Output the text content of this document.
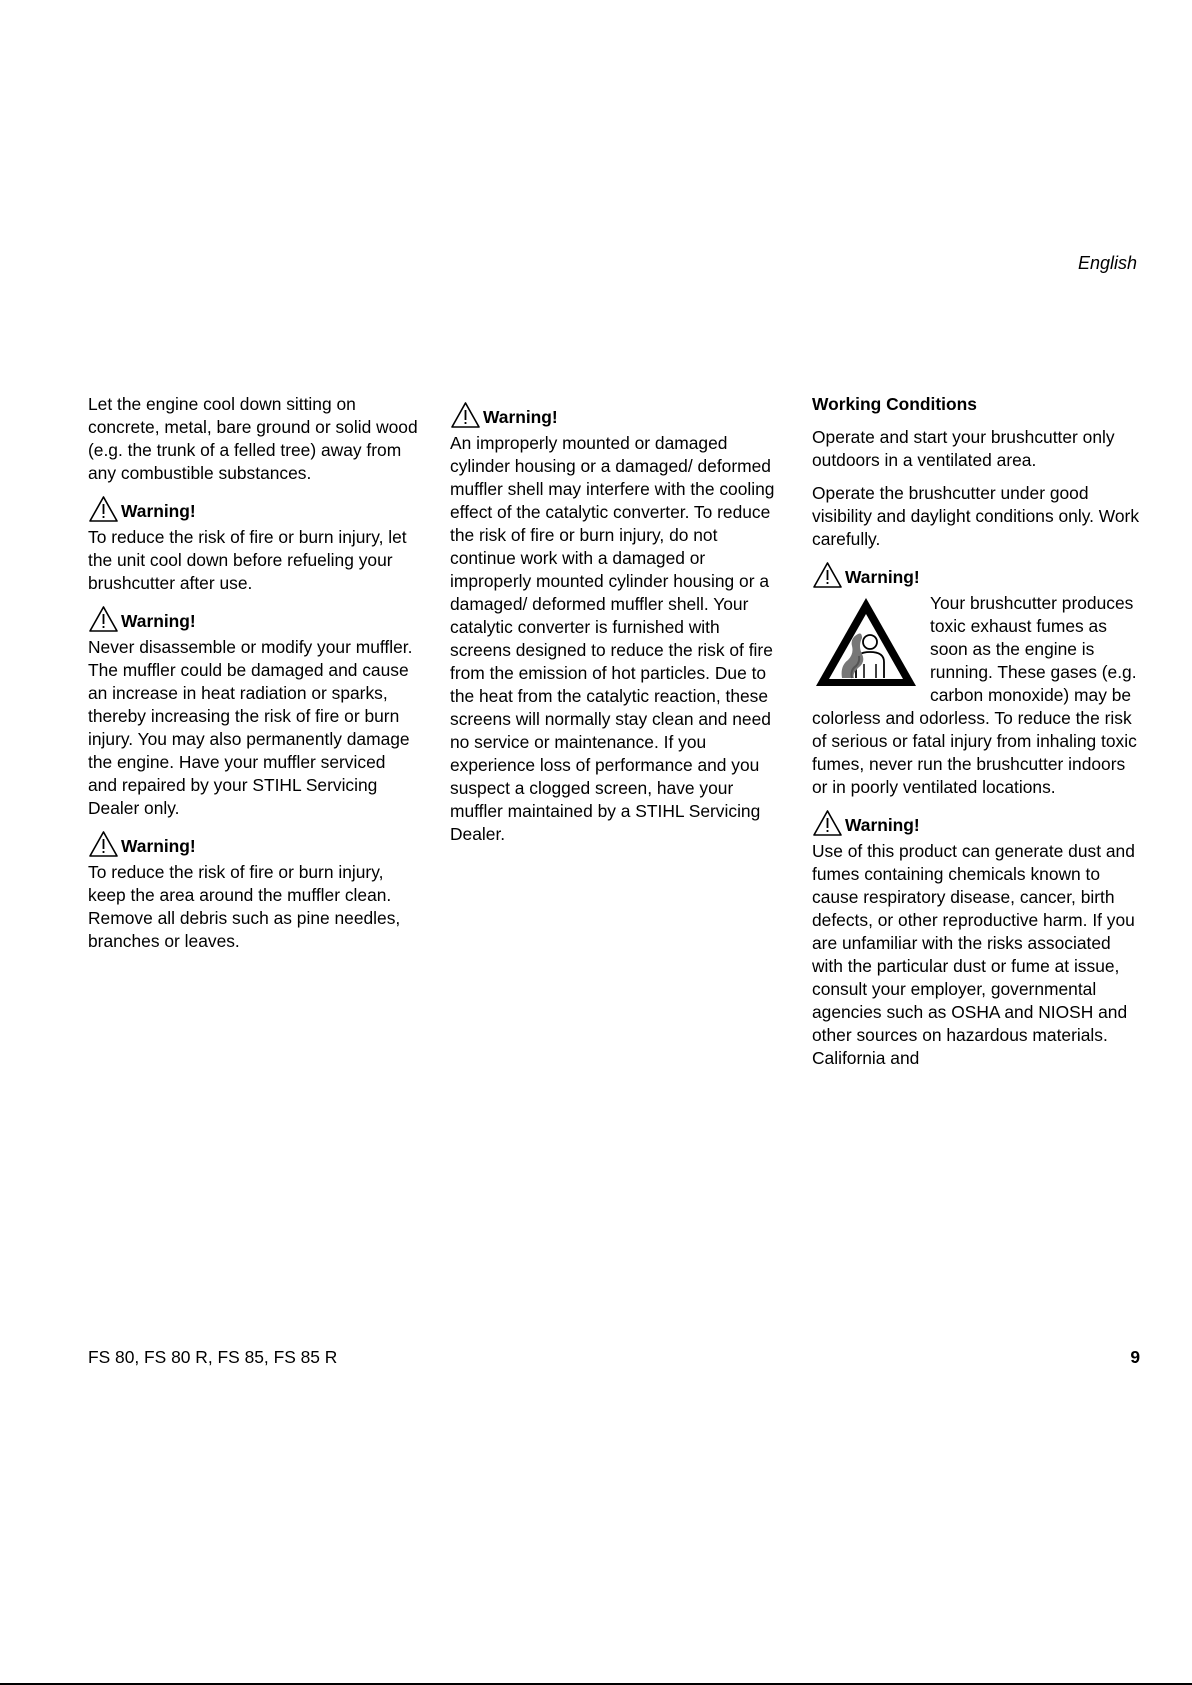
English

Let the engine cool down sitting on concrete, metal, bare ground or solid wood (e.g. the trunk of a felled tree) away from any combustible substances.

Warning!

To reduce the risk of fire or burn injury, let the unit cool down before refueling your brushcutter after use.

Warning!

Never disassemble or modify your muffler. The muffler could be damaged and cause an increase in heat radiation or sparks, thereby increasing the risk of fire or burn injury. You may also permanently damage the engine. Have your muffler serviced and repaired by your STIHL Servicing Dealer only.

Warning!

To reduce the risk of fire or burn injury, keep the area around the muffler clean. Remove all debris such as pine needles, branches or leaves.

Warning!

An improperly mounted or damaged cylinder housing or a damaged/ deformed muffler shell may interfere with the cooling effect of the catalytic converter. To reduce the risk of fire or burn injury, do not continue work with a damaged or improperly mounted cylinder housing or a damaged/ deformed muffler shell. Your catalytic converter is furnished with screens designed to reduce the risk of fire from the emission of hot particles. Due to the heat from the catalytic reaction, these screens will normally stay clean and need no service or maintenance. If you experience loss of performance and you suspect a clogged screen, have your muffler maintained by a STIHL Servicing Dealer.

Working Conditions

Operate and start your brushcutter only outdoors in a ventilated area.

Operate the brushcutter under good visibility and daylight conditions only. Work carefully.

Warning!

Your brushcutter produces toxic exhaust fumes as soon as the engine is running. These gases (e.g. carbon monoxide) may be colorless and odorless. To reduce the risk of serious or fatal injury from inhaling toxic fumes, never run the brushcutter indoors or in poorly ventilated locations.

Warning!

Use of this product can generate dust and fumes containing chemicals known to cause respiratory disease, cancer, birth defects, or other reproductive harm. If you are unfamiliar with the risks associated with the particular dust or fume at issue, consult your employer, governmental agencies such as OSHA and NIOSH and other sources on hazardous materials. California and

FS 80, FS 80 R, FS 85, FS 85 R	9
